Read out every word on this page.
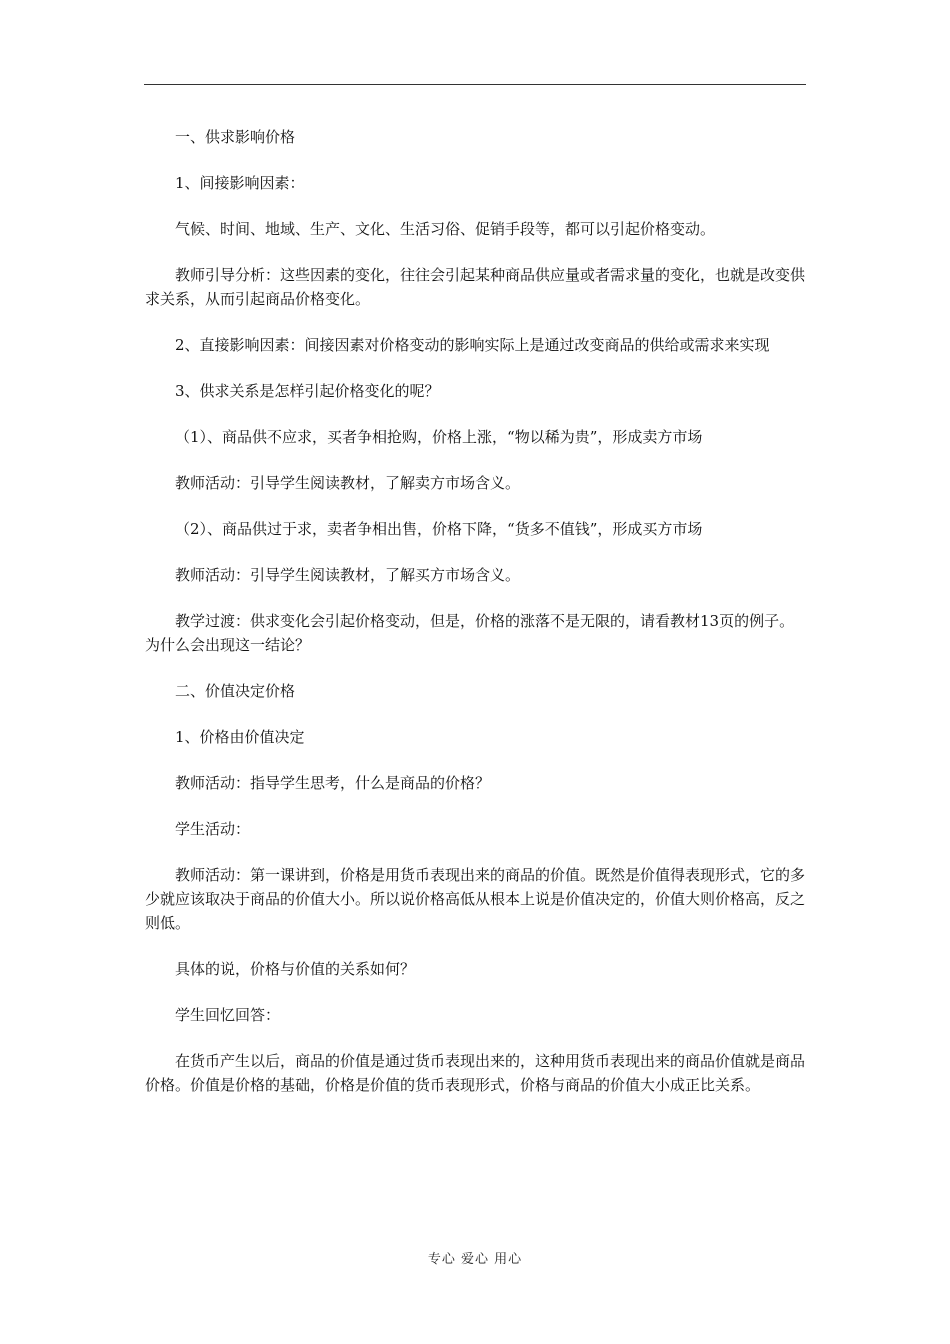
一、供求影响价格

1、间接影响因素：

气候、时间、地域、生产、文化、生活习俗、促销手段等，都可以引起价格变动。

教师引导分析：这些因素的变化，往往会引起某种商品供应量或者需求量的变化，也就是改变供求关系，从而引起商品价格变化。

2、直接影响因素：间接因素对价格变动的影响实际上是通过改变商品的供给或需求来实现

3、供求关系是怎样引起价格变化的呢？

（1）、商品供不应求，买者争相抢购，价格上涨，“物以稀为贵”，形成卖方市场

教师活动：引导学生阅读教材，了解卖方市场含义。

（2）、商品供过于求，卖者争相出售，价格下降，“货多不值钱”，形成买方市场

教师活动：引导学生阅读教材，了解买方市场含义。

教学过渡：供求变化会引起价格变动，但是，价格的涨落不是无限的，请看教材13页的例子。为什么会出现这一结论？

二、价值决定价格

1、价格由价值决定

教师活动：指导学生思考，什么是商品的价格？

学生活动：

教师活动：第一课讲到，价格是用货币表现出来的商品的价值。既然是价值得表现形式，它的多少就应该取决于商品的价值大小。所以说价格高低从根本上说是价值决定的，价值大则价格高，反之则低。

具体的说，价格与价值的关系如何？

学生回忆回答：

在货币产生以后，商品的价值是通过货币表现出来的，这种用货币表现出来的商品价值就是商品价格。价值是价格的基础，价格是价值的货币表现形式，价格与商品的价值大小成正比关系。

专心 爱心 用心
